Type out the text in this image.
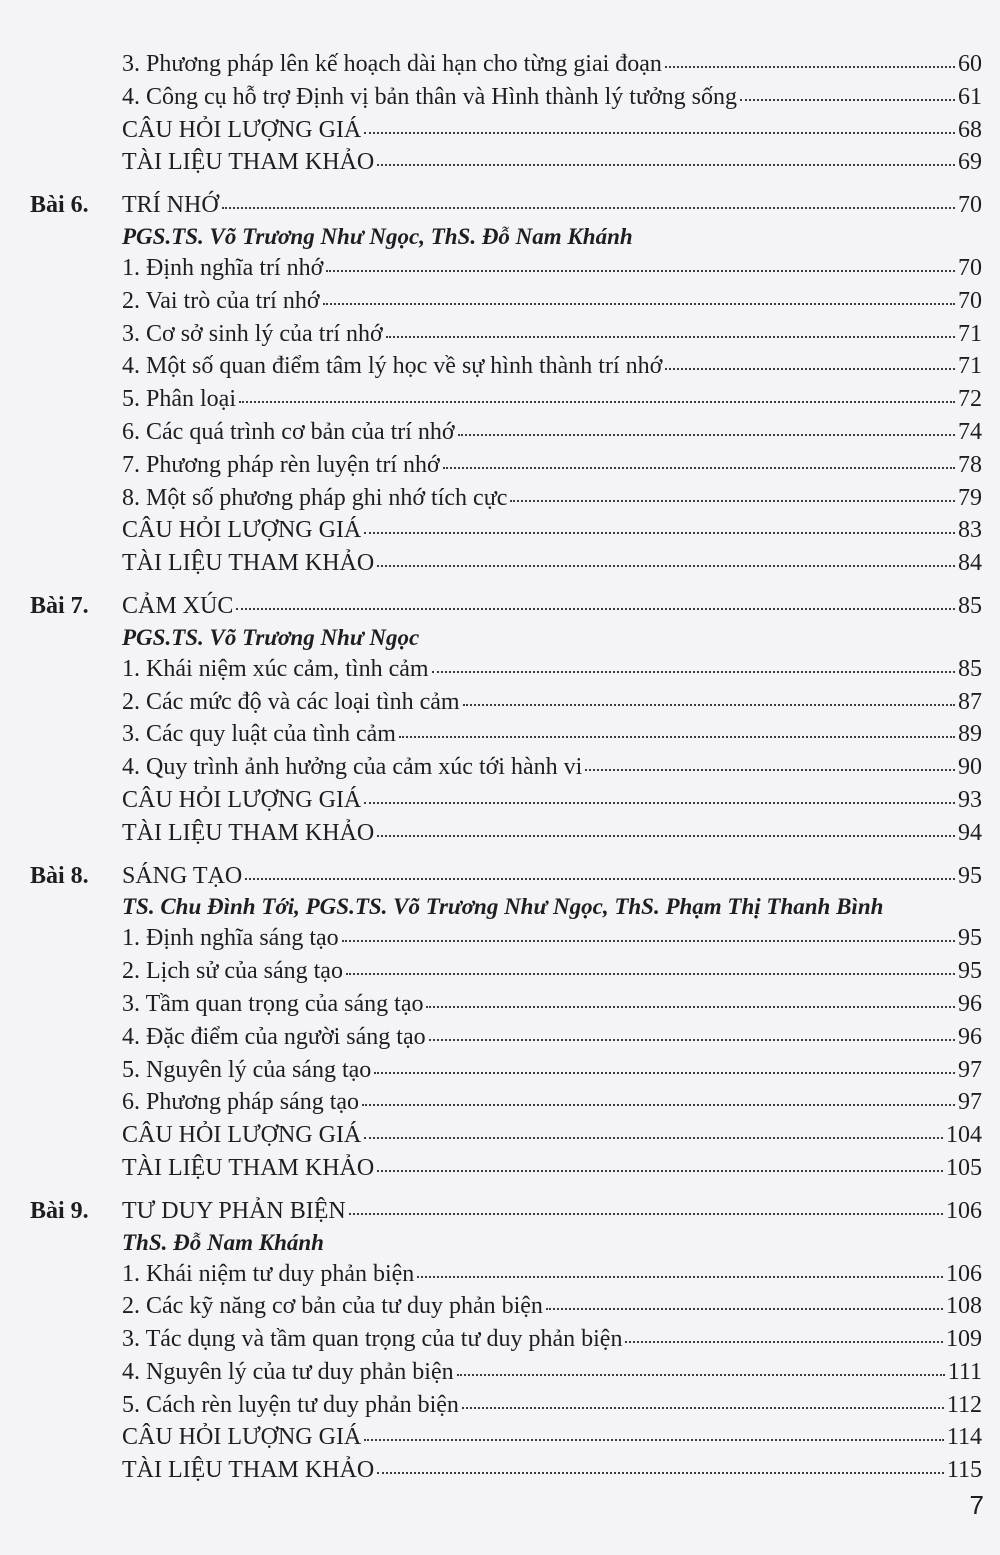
3. Phương pháp lên kế hoạch dài hạn cho từng giai đoạn	60
4. Công cụ hỗ trợ Định vị bản thân và Hình thành lý tưởng sống	61
CÂU HỎI LƯỢNG GIÁ	68
TÀI LIỆU THAM KHẢO	69
Bài 6.	TRÍ NHỚ	70
PGS.TS. Võ Trương Như Ngọc, ThS. Đỗ Nam Khánh
1. Định nghĩa trí nhớ	70
2. Vai trò của trí nhớ	70
3. Cơ sở sinh lý của trí nhớ	71
4. Một số quan điểm tâm lý học về sự hình thành trí nhớ	71
5. Phân loại	72
6. Các quá trình cơ bản của trí nhớ	74
7. Phương pháp rèn luyện trí nhớ	78
8. Một số phương pháp ghi nhớ tích cực	79
CÂU HỎI LƯỢNG GIÁ	83
TÀI LIỆU THAM KHẢO	84
Bài 7.	CẢM XÚC	85
PGS.TS. Võ Trương Như Ngọc
1. Khái niệm xúc cảm, tình cảm	85
2. Các mức độ và các loại tình cảm	87
3. Các quy luật của tình cảm	89
4. Quy trình ảnh hưởng của cảm xúc tới hành vi	90
CÂU HỎI LƯỢNG GIÁ	93
TÀI LIỆU THAM KHẢO	94
Bài 8.	SÁNG TẠO	95
TS. Chu Đình Tới, PGS.TS. Võ Trương Như Ngọc, ThS. Phạm Thị Thanh Bình
1. Định nghĩa sáng tạo	95
2. Lịch sử của sáng tạo	95
3. Tầm quan trọng của sáng tạo	96
4. Đặc điểm của người sáng tạo	96
5. Nguyên lý của sáng tạo	97
6. Phương pháp sáng tạo	97
CÂU HỎI LƯỢNG GIÁ	104
TÀI LIỆU THAM KHẢO	105
Bài 9.	TƯ DUY PHẢN BIỆN	106
ThS. Đỗ Nam Khánh
1. Khái niệm tư duy phản biện	106
2. Các kỹ năng cơ bản của tư duy phản biện	108
3. Tác dụng và tầm quan trọng của tư duy phản biện	109
4. Nguyên lý của tư duy phản biện	111
5. Cách rèn luyện tư duy phản biện	112
CÂU HỎI LƯỢNG GIÁ	114
TÀI LIỆU THAM KHẢO	115
7
